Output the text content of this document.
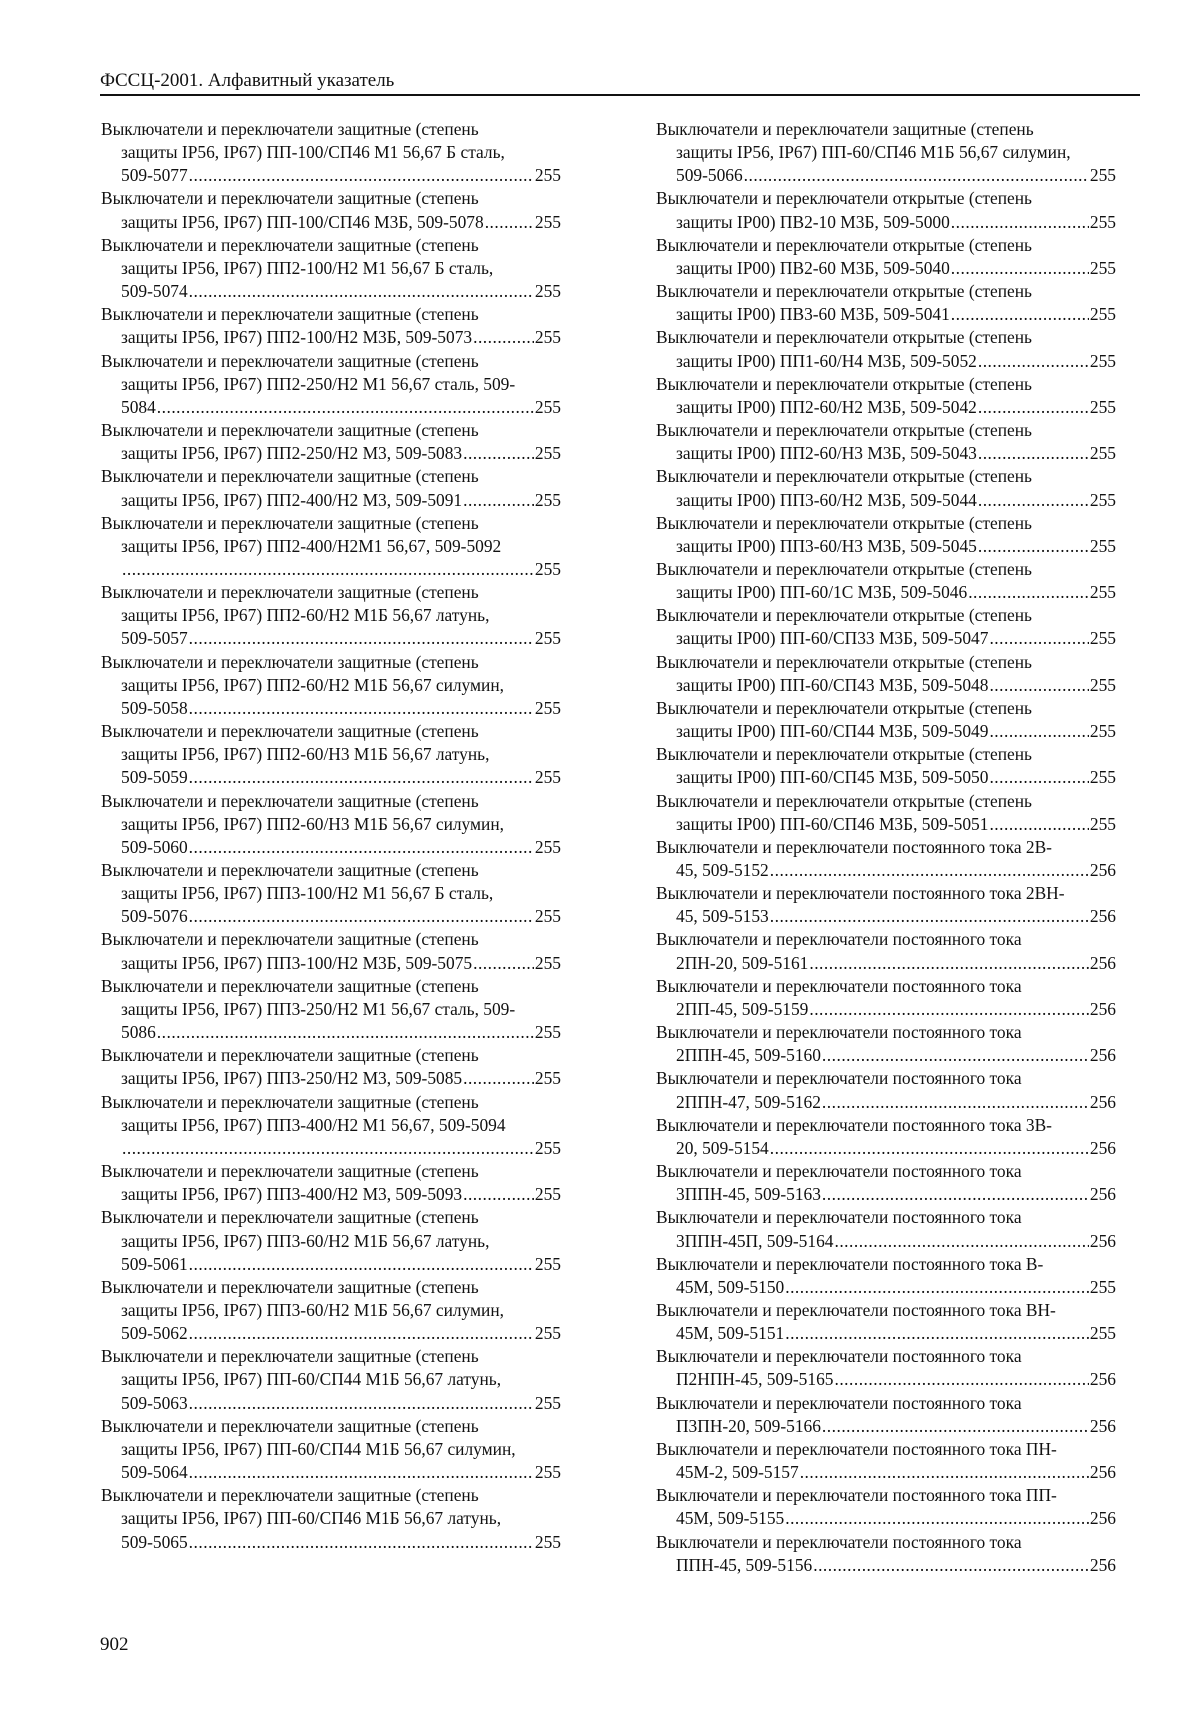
ФССЦ-2001. Алфавитный указатель
Выключатели и переключатели защитные (степень
защиты IP56, IP67) ПП-100/СП46 М1 56,67 Б сталь,
509-5077 .....	255
Выключатели и переключатели защитные (степень
защиты IP56, IP67) ПП-100/СП46 М3Б, 509-5078 .....	255
Выключатели и переключатели защитные (степень
защиты IP56, IP67) ПП2-100/Н2 М1 56,67 Б сталь,
509-5074 .....	255
Выключатели и переключатели защитные (степень
защиты IP56, IP67) ПП2-100/Н2 М3Б, 509-5073 .....	255
Выключатели и переключатели защитные (степень
защиты IP56, IP67) ПП2-250/Н2 М1 56,67 сталь, 509-
5084 .....	255
Выключатели и переключатели защитные (степень
защиты IP56, IP67) ПП2-250/Н2 М3, 509-5083 .....	255
Выключатели и переключатели защитные (степень
защиты IP56, IP67) ПП2-400/Н2 М3, 509-5091 .....	255
Выключатели и переключатели защитные (степень
защиты IP56, IP67) ПП2-400/Н2М1 56,67, 509-5092
.....
255
Выключатели и переключатели защитные (степень
защиты IP56, IP67) ПП2-60/Н2 М1Б 56,67 латунь,
509-5057 .....	255
Выключатели и переключатели защитные (степень
защиты IP56, IP67) ПП2-60/Н2 М1Б 56,67 силумин,
509-5058 .....	255
Выключатели и переключатели защитные (степень
защиты IP56, IP67) ПП2-60/Н3 М1Б 56,67 латунь,
509-5059 .....	255
Выключатели и переключатели защитные (степень
защиты IP56, IP67) ПП2-60/Н3 М1Б 56,67 силумин,
509-5060 .....	255
Выключатели и переключатели защитные (степень
защиты IP56, IP67) ПП3-100/Н2 М1 56,67 Б сталь,
509-5076 .....	255
Выключатели и переключатели защитные (степень
защиты IP56, IP67) ПП3-100/Н2 М3Б, 509-5075 .....	255
Выключатели и переключатели защитные (степень
защиты IP56, IP67) ПП3-250/Н2 М1 56,67 сталь, 509-
5086 .....	255
Выключатели и переключатели защитные (степень
защиты IP56, IP67) ПП3-250/Н2 М3, 509-5085 .....	255
Выключатели и переключатели защитные (степень
защиты IP56, IP67) ПП3-400/Н2 М1 56,67, 509-5094
.....
255
Выключатели и переключатели защитные (степень
защиты IP56, IP67) ПП3-400/Н2 М3, 509-5093 .....	255
Выключатели и переключатели защитные (степень
защиты IP56, IP67) ПП3-60/Н2 М1Б 56,67 латунь,
509-5061 .....	255
Выключатели и переключатели защитные (степень
защиты IP56, IP67) ПП3-60/Н2 М1Б 56,67 силумин,
509-5062 .....	255
Выключатели и переключатели защитные (степень
защиты IP56, IP67) ПП-60/СП44 М1Б 56,67 латунь,
509-5063 .....	255
Выключатели и переключатели защитные (степень
защиты IP56, IP67) ПП-60/СП44 М1Б 56,67 силумин,
509-5064 .....	255
Выключатели и переключатели защитные (степень
защиты IP56, IP67) ПП-60/СП46 М1Б 56,67 латунь,
509-5065 .....	255
Выключатели и переключатели защитные (степень
защиты IP56, IP67) ПП-60/СП46 М1Б 56,67 силумин,
509-5066 .....	255
Выключатели и переключатели открытые (степень
защиты IP00) ПВ2-10 М3Б, 509-5000 .....	255
Выключатели и переключатели открытые (степень
защиты IP00) ПВ2-60 М3Б, 509-5040 .....	255
Выключатели и переключатели открытые (степень
защиты IP00) ПВ3-60 М3Б, 509-5041 .....	255
Выключатели и переключатели открытые (степень
защиты IP00) ПП1-60/Н4 М3Б, 509-5052 .....	255
Выключатели и переключатели открытые (степень
защиты IP00) ПП2-60/Н2 М3Б, 509-5042 .....	255
Выключатели и переключатели открытые (степень
защиты IP00) ПП2-60/Н3 М3Б, 509-5043 .....	255
Выключатели и переключатели открытые (степень
защиты IP00) ПП3-60/Н2 М3Б, 509-5044 .....	255
Выключатели и переключатели открытые (степень
защиты IP00) ПП3-60/Н3 М3Б, 509-5045 .....	255
Выключатели и переключатели открытые (степень
защиты IP00) ПП-60/1С М3Б, 509-5046 .....	255
Выключатели и переключатели открытые (степень
защиты IP00) ПП-60/СП33 М3Б, 509-5047 .....	255
Выключатели и переключатели открытые (степень
защиты IP00) ПП-60/СП43 М3Б, 509-5048 .....	255
Выключатели и переключатели открытые (степень
защиты IP00) ПП-60/СП44 М3Б, 509-5049 .....	255
Выключатели и переключатели открытые (степень
защиты IP00) ПП-60/СП45 М3Б, 509-5050 .....	255
Выключатели и переключатели открытые (степень
защиты IP00) ПП-60/СП46 М3Б, 509-5051 .....	255
Выключатели и переключатели постоянного тока 2В-
45, 509-5152 .....	256
Выключатели и переключатели постоянного тока 2ВН-
45, 509-5153 .....	256
Выключатели и переключатели постоянного тока
2ПН-20, 509-5161 .....	256
Выключатели и переключатели постоянного тока
2ПП-45, 509-5159 .....	256
Выключатели и переключатели постоянного тока
2ППН-45, 509-5160 .....	256
Выключатели и переключатели постоянного тока
2ППН-47, 509-5162 .....	256
Выключатели и переключатели постоянного тока 3В-
20, 509-5154 .....	256
Выключатели и переключатели постоянного тока
3ППН-45, 509-5163 .....	256
Выключатели и переключатели постоянного тока
3ППН-45П, 509-5164 .....	256
Выключатели и переключатели постоянного тока В-
45М, 509-5150 .....	255
Выключатели и переключатели постоянного тока ВН-
45М, 509-5151 .....	255
Выключатели и переключатели постоянного тока
П2НПН-45, 509-5165 .....	256
Выключатели и переключатели постоянного тока
П3ПН-20, 509-5166 .....	256
Выключатели и переключатели постоянного тока ПН-
45М-2, 509-5157 .....	256
Выключатели и переключатели постоянного тока ПП-
45М, 509-5155 .....	256
Выключатели и переключатели постоянного тока
ППН-45, 509-5156 .....	256
902
